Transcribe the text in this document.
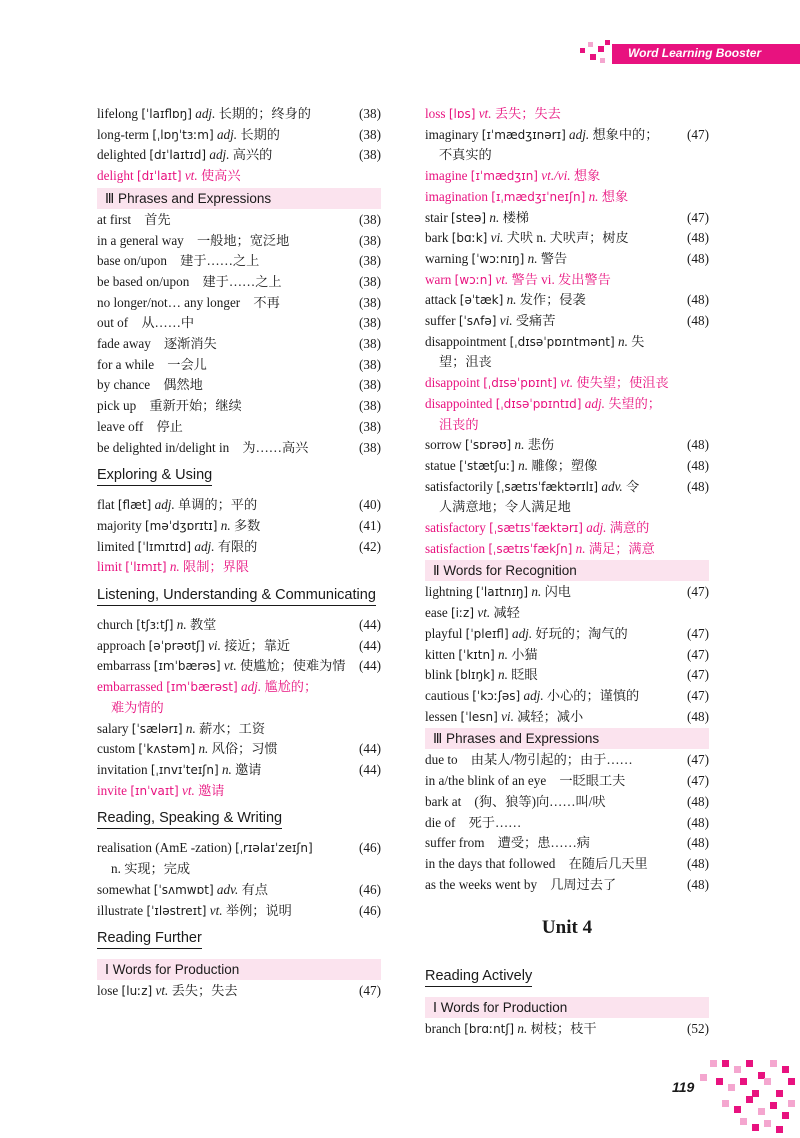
Word Learning Booster
lifelong [ˈlaɪflɒŋ] adj. 长期的；终身的	(38)
long-term [ˌlɒŋˈtɜːm] adj. 长期的	(38)
delighted [dɪˈlaɪtɪd] adj. 高兴的	(38)
delight [dɪˈlaɪt] vt. 使高兴
Ⅲ Phrases and Expressions
at first　首先	(38)
in a general way　一般地；宽泛地	(38)
base on/upon　建于……之上	(38)
be based on/upon　建于……之上	(38)
no longer/not… any longer　不再	(38)
out of　从……中	(38)
fade away　逐渐消失	(38)
for a while　一会儿	(38)
by chance　偶然地	(38)
pick up　重新开始；继续	(38)
leave off　停止	(38)
be delighted in/delight in　为……高兴	(38)
Exploring & Using
flat [flæt] adj. 单调的；平的	(40)
majority [məˈdʒɒrɪtɪ] n. 多数	(41)
limited [ˈlɪmɪtɪd] adj. 有限的	(42)
limit [ˈlɪmɪt] n. 限制；界限
Listening, Understanding & Communicating
church [tʃɜːtʃ] n. 教堂	(44)
approach [əˈprəʊtʃ] vi. 接近；靠近	(44)
embarrass [ɪmˈbærəs] vt. 使尴尬；使难为情 (44)
embarrassed [ɪmˈbærəst] adj. 尴尬的；
难为情的
salary [ˈsælərɪ] n. 薪水；工资
custom [ˈkʌstəm] n. 风俗；习惯	(44)
invitation [ˌɪnvɪˈteɪʃn] n. 邀请	(44)
invite [ɪnˈvaɪt] vt. 邀请
Reading, Speaking & Writing
realisation (AmE -zation) [ˌrɪəlaɪˈzeɪʃn]
n. 实现；完成
(46)
somewhat [ˈsʌmwɒt] adv. 有点	(46)
illustrate [ˈɪləstreɪt] vt. 举例；说明	(46)
Reading Further
Ⅰ Words for Production
lose [luːz] vt. 丢失；失去	(47)
loss [lɒs] vt. 丢失；失去
imaginary [ɪˈmædʒɪnərɪ] adj. 想象中的；
不真实的
(47)
imagine [ɪˈmædʒɪn] vt./vi. 想象
imagination [ɪˌmædʒɪˈneɪʃn] n. 想象
stair [steə] n. 楼梯	(47)
bark [bɑːk] vi. 犬吠 n. 犬吠声；树皮	(48)
warning [ˈwɔːnɪŋ] n. 警告	(48)
warn [wɔːn] vt. 警告 vi. 发出警告
attack [əˈtæk] n. 发作；侵袭	(48)
suffer [ˈsʌfə] vi. 受痛苦	(48)
disappointment [ˌdɪsəˈpɒɪntmənt] n. 失
望；沮丧
disappoint [ˌdɪsəˈpɒɪnt] vt. 使失望；使沮丧
disappointed [ˌdɪsəˈpɒɪntɪd] adj. 失望的；
沮丧的
sorrow [ˈsɒrəʊ] n. 悲伤	(48)
statue [ˈstætʃuː] n. 雕像；塑像	(48)
satisfactorily [ˌsætɪsˈfæktərɪlɪ] adv. 令
人满意地；令人满足地
(48)
satisfactory [ˌsætɪsˈfæktərɪ] adj. 满意的
satisfaction [ˌsætɪsˈfækʃn] n. 满足；满意
Ⅱ Words for Recognition
lightning [ˈlaɪtnɪŋ] n. 闪电	(47)
ease [iːz] vt. 减轻
playful [ˈpleɪfl] adj. 好玩的；淘气的	(47)
kitten [ˈkɪtn] n. 小猫	(47)
blink [blɪŋk] n. 眨眼	(47)
cautious [ˈkɔːʃəs] adj. 小心的；谨慎的	(47)
lessen [ˈlesn] vi. 减轻；减小	(48)
Ⅲ Phrases and Expressions
due to　由某人/物引起的；由于……	(47)
in a/the blink of an eye　一眨眼工夫	(47)
bark at　(狗、狼等)向……叫/吠	(48)
die of　死于……	(48)
suffer from　遭受；患……病	(48)
in the days that followed　在随后几天里	(48)
as the weeks went by　几周过去了	(48)
Unit 4
Reading Actively
Ⅰ Words for Production
branch [brɑːntʃ] n. 树枝；枝干	(52)
119
